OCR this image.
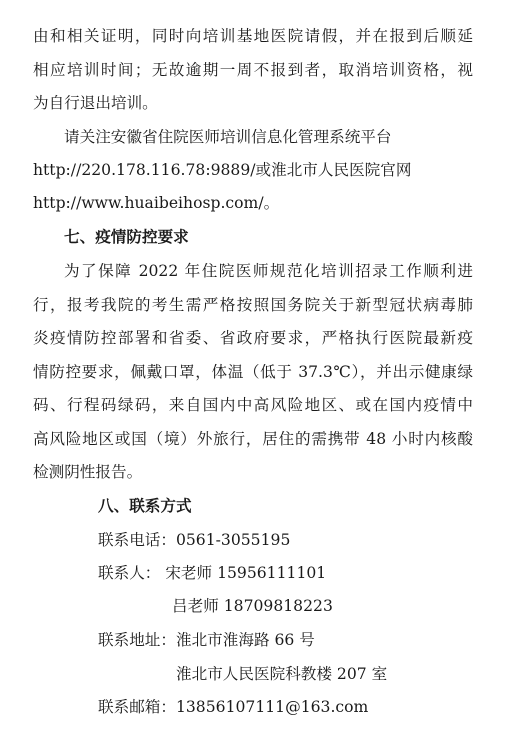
由和相关证明，同时向培训基地医院请假，并在报到后顺延
相应培训时间；无故逾期一周不报到者，取消培训资格，视
为自行退出培训。
请关注安徽省住院医师培训信息化管理系统平台
http://220.178.116.78:9889/或淮北市人民医院官网
http://www.huaibeihosp.com/。
七、疫情防控要求
为了保障 2022 年住院医师规范化培训招录工作顺利进
行，报考我院的考生需严格按照国务院关于新型冠状病毒肺
炎疫情防控部署和省委、省政府要求，严格执行医院最新疫
情防控要求，佩戴口罩，体温（低于 37.3℃），并出示健康绿
码、行程码绿码，来自国内中高风险地区、或在国内疫情中
高风险地区或国（境）外旅行，居住的需携带 48 小时内核酸
检测阴性报告。
八、联系方式
联系电话：0561-3055195
联系人： 宋老师 15956111101
吕老师 18709818223
联系地址：淮北市淮海路 66 号
淮北市人民医院科教楼 207 室
联系邮箱：13856107111@163.com
